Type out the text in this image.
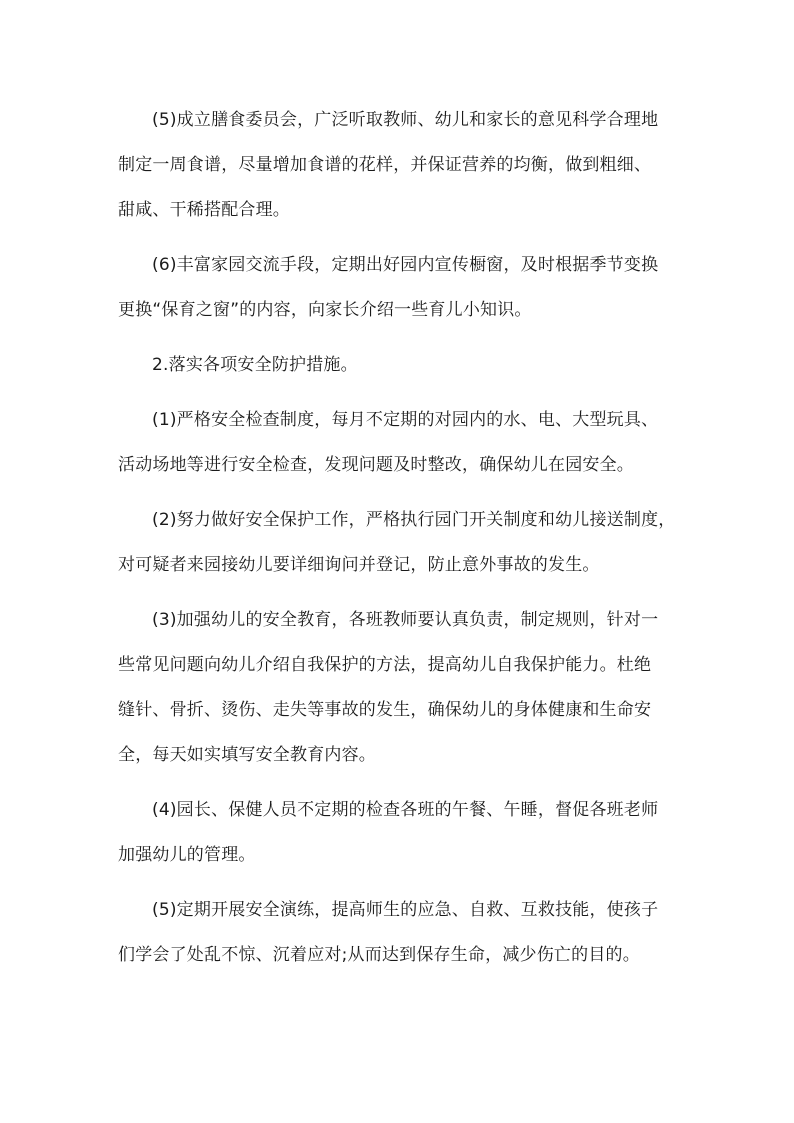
(5)成立膳食委员会，广泛听取教师、幼儿和家长的意见科学合理地
制定一周食谱，尽量增加食谱的花样，并保证营养的均衡，做到粗细、
甜咸、干稀搭配合理。

(6)丰富家园交流手段，定期出好园内宣传橱窗，及时根据季节变换
更换“保育之窗”的内容，向家长介绍一些育儿小知识。

2.落实各项安全防护措施。

(1)严格安全检查制度，每月不定期的对园内的水、电、大型玩具、
活动场地等进行安全检查，发现问题及时整改，确保幼儿在园安全。

(2)努力做好安全保护工作，严格执行园门开关制度和幼儿接送制度，
对可疑者来园接幼儿要详细询问并登记，防止意外事故的发生。

(3)加强幼儿的安全教育，各班教师要认真负责，制定规则，针对一
些常见问题向幼儿介绍自我保护的方法，提高幼儿自我保护能力。杜绝
缝针、骨折、烫伤、走失等事故的发生，确保幼儿的身体健康和生命安
全，每天如实填写安全教育内容。

(4)园长、保健人员不定期的检查各班的午餐、午睡，督促各班老师
加强幼儿的管理。

(5)定期开展安全演练，提高师生的应急、自救、互救技能，使孩子
们学会了处乱不惊、沉着应对;从而达到保存生命，减少伤亡的目的。
